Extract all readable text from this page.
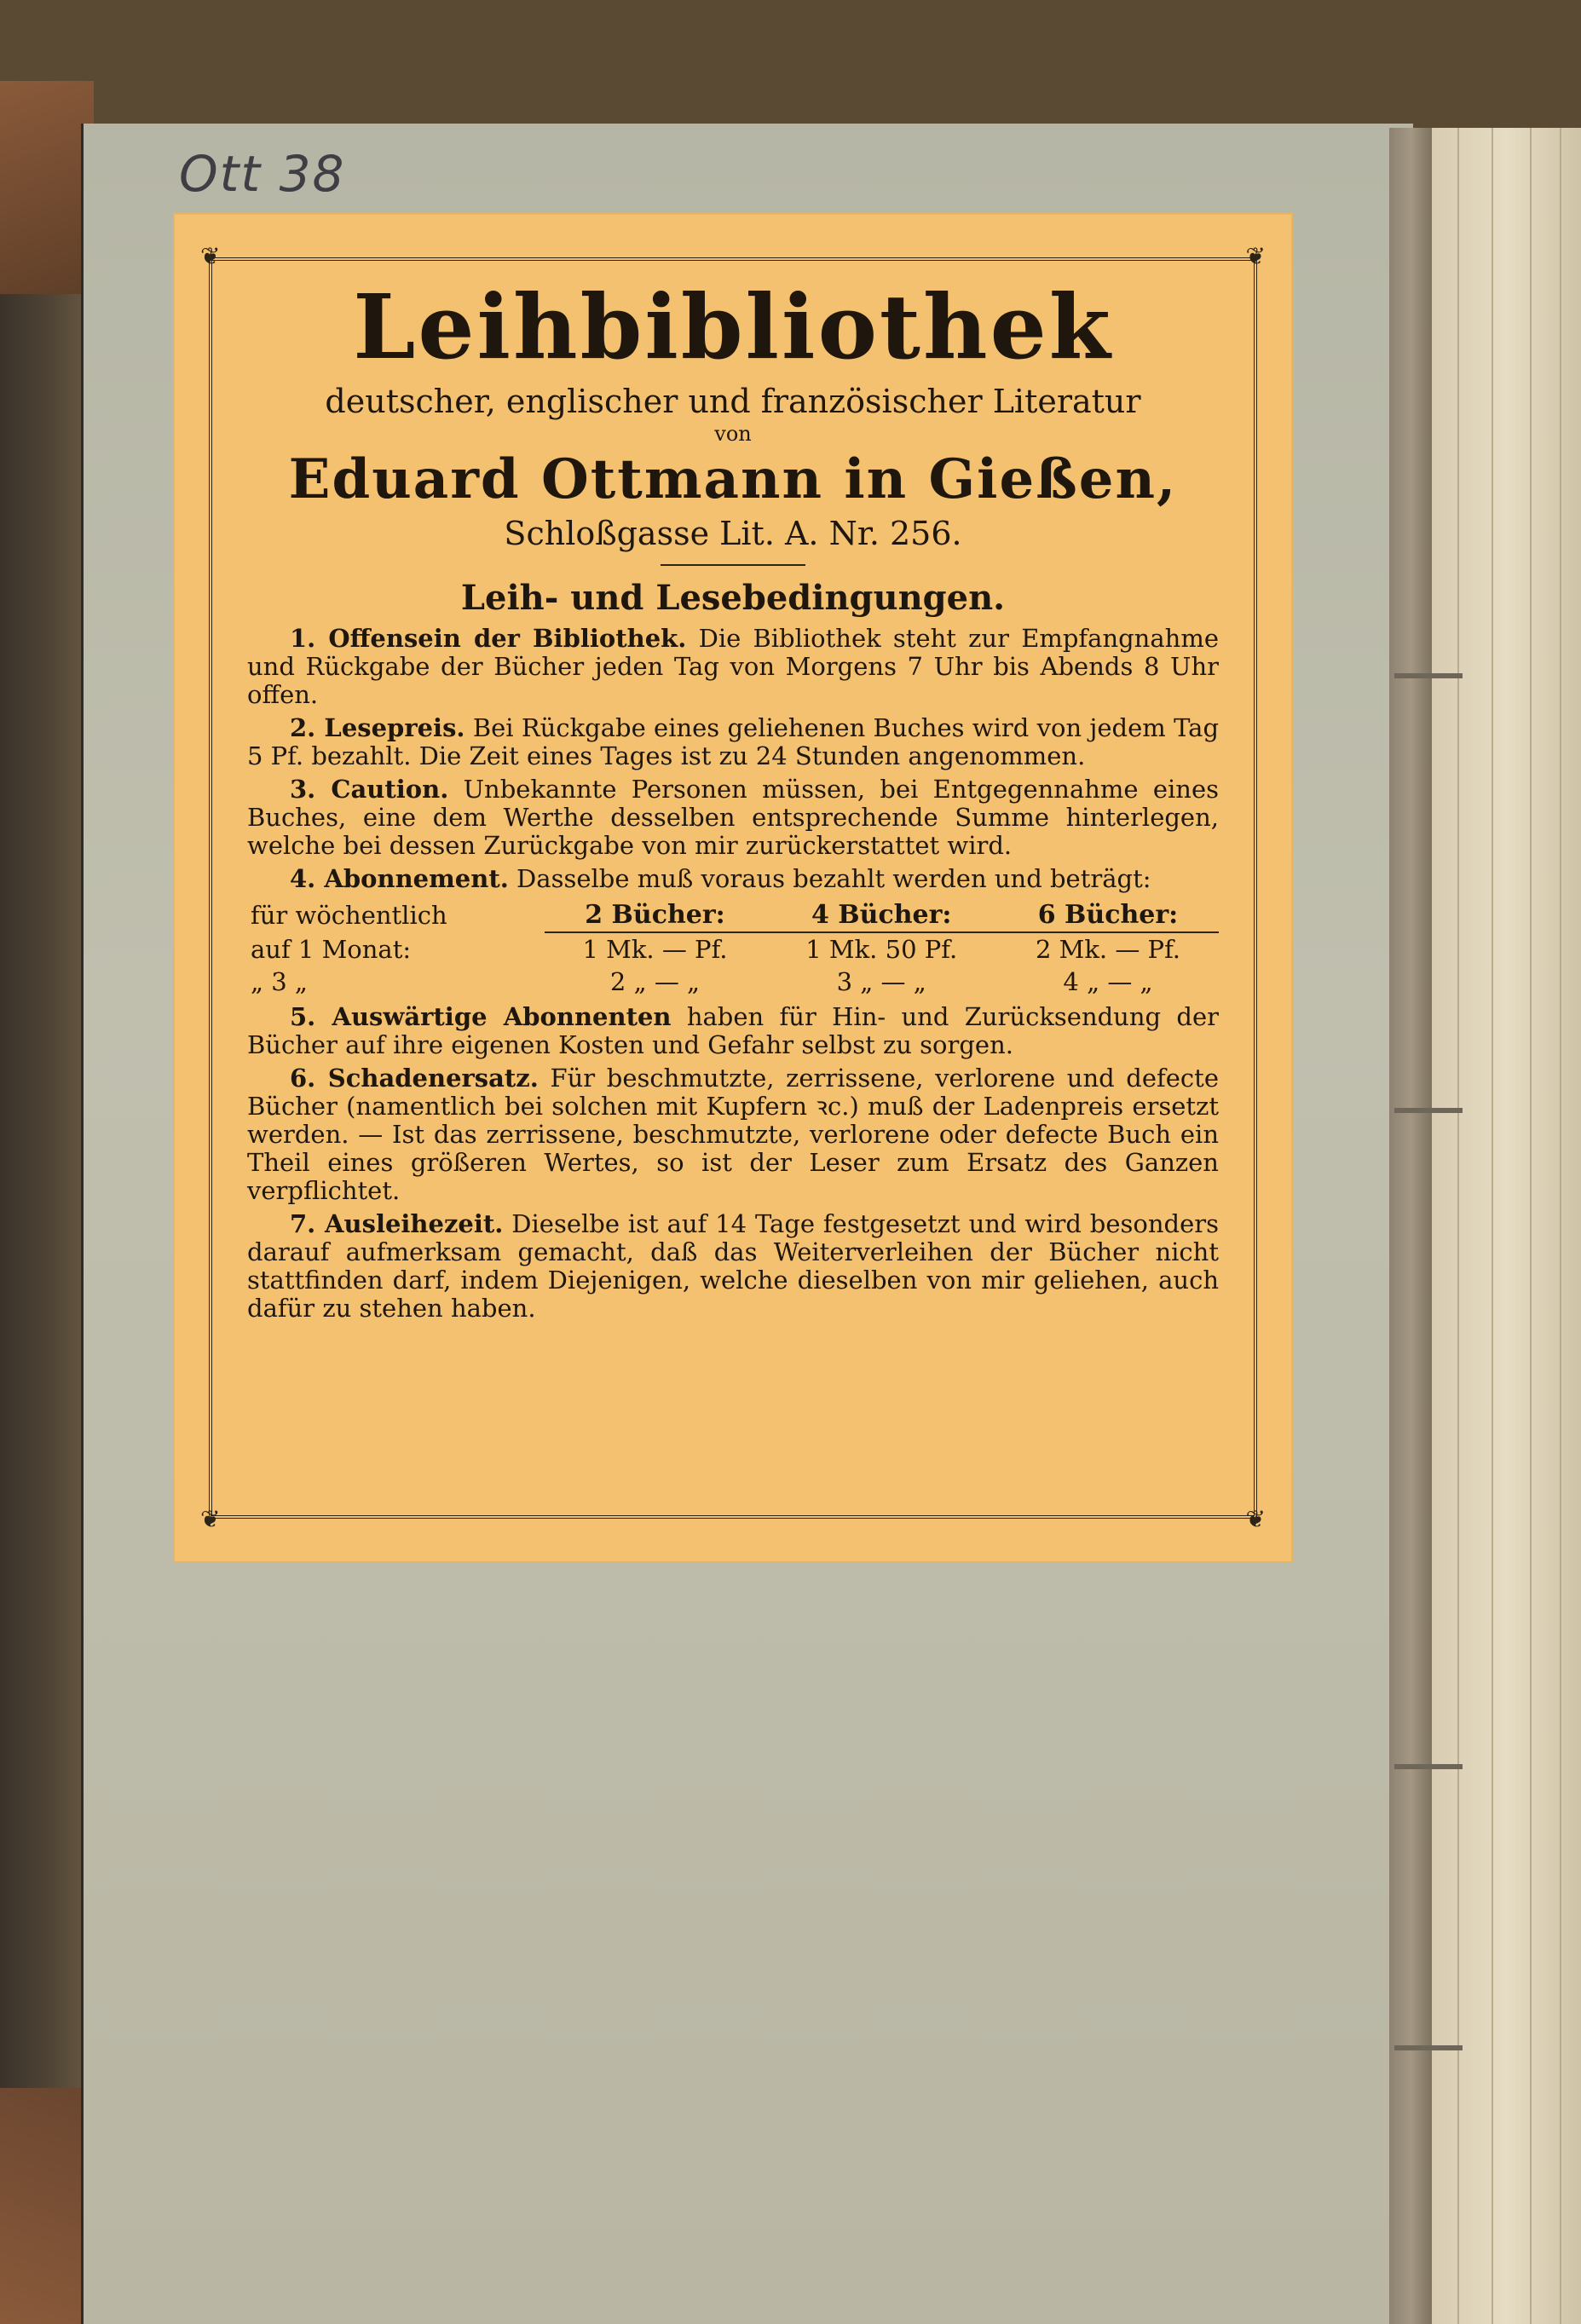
Ott 38
❦	❦
❦	❦
Leihbibliothek
deutscher, englischer und französischer Literatur
von
Eduard Ottmann in Gießen,
Schloßgasse Lit. A. Nr. 256.
Leih- und Lesebedingungen.

1. Offensein der Bibliothek. Die Bibliothek steht zur Empfangnahme und Rückgabe der Bücher jeden Tag von Morgens 7 Uhr bis Abends 8 Uhr offen.

2. Lesepreis. Bei Rückgabe eines geliehenen Buches wird von jedem Tag 5 Pf. bezahlt. Die Zeit eines Tages ist zu 24 Stunden angenommen.

3. Caution. Unbekannte Personen müssen, bei Entgegennahme eines Buches, eine dem Werthe desselben entsprechende Summe hinterlegen, welche bei dessen Zurückgabe von mir zurückerstattet wird.

4. Abonnement. Dasselbe muß voraus bezahlt werden und beträgt:

für wöchentlich	2 Bücher:	4 Bücher:	6 Bücher:
auf 1 Monat:	1 Mk. — Pf.	1 Mk. 50 Pf.	2 Mk. — Pf.
„ 3 „	2 „ — „	3 „ — „	4 „ — „

5. Auswärtige Abonnenten haben für Hin- und Zurücksendung der Bücher auf ihre eigenen Kosten und Gefahr selbst zu sorgen.

6. Schadenersatz. Für beschmutzte, zerrissene, verlorene und defecte Bücher (namentlich bei solchen mit Kupfern ꝛc.) muß der Ladenpreis ersetzt werden. — Ist das zerrissene, beschmutzte, verlorene oder defecte Buch ein Theil eines größeren Wertes, so ist der Leser zum Ersatz des Ganzen verpflichtet.

7. Ausleihezeit. Dieselbe ist auf 14 Tage festgesetzt und wird besonders darauf aufmerksam gemacht, daß das Weiterverleihen der Bücher nicht stattfinden darf, indem Diejenigen, welche dieselben von mir geliehen, auch dafür zu stehen haben.
